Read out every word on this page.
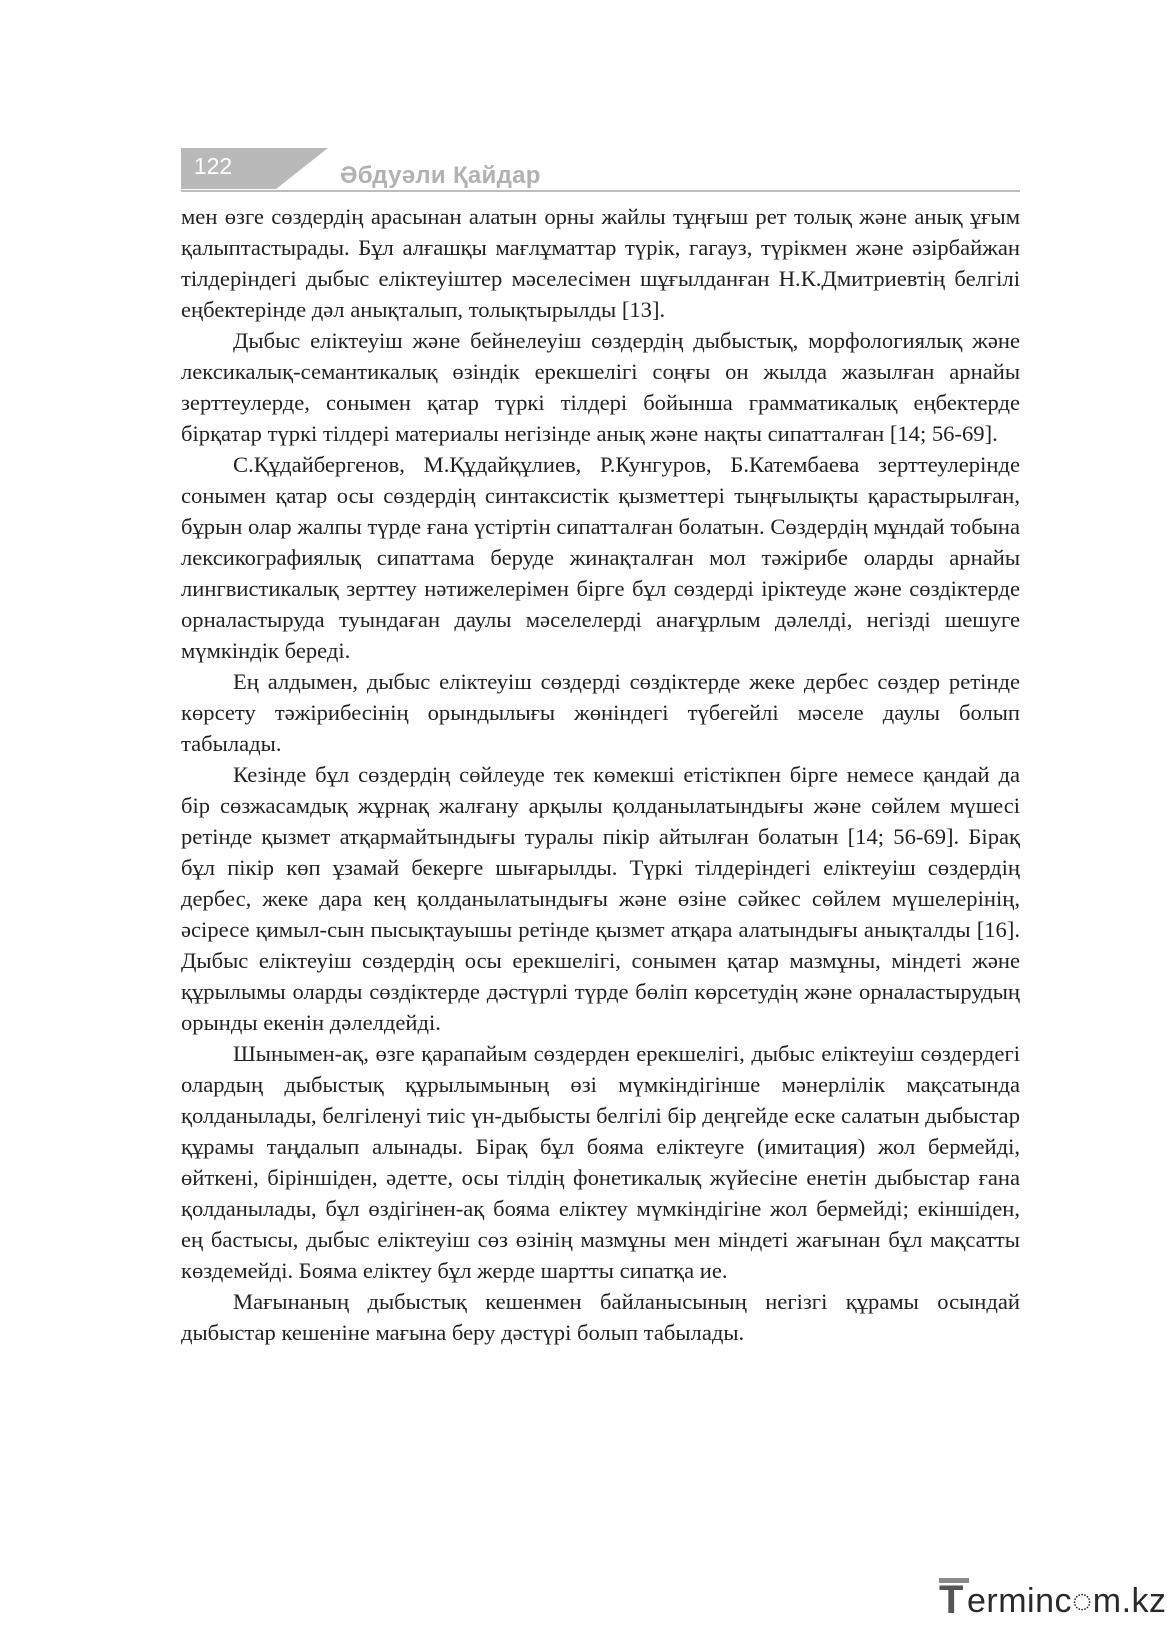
122	Әбдуәли Қайдар

мен өзге сөздердің арасынан алатын орны жайлы тұңғыш рет толық және анық ұғым қалыптастырады. Бұл алғашқы мағлұматтар түрік, гагауз, түрікмен және әзірбайжан тілдеріндегі дыбыс еліктеуіштер мәселесімен шұғылданған Н.К.Дмитриевтің белгілі еңбектерінде дәл анықталып, толықтырылды [13].

Дыбыс еліктеуіш және бейнелеуіш сөздердің дыбыстық, морфологиялық және лексикалық-семантикалық өзіндік ерекшелігі соңғы он жылда жазылған арнайы зерттеулерде, сонымен қатар түркі тілдері бойынша грамматикалық еңбектерде бірқатар түркі тілдері материалы негізінде анық және нақты сипатталған [14; 56-69].

С.Құдайбергенов, М.Құдайқұлиев, Р.Кунгуров, Б.Катембаева зерттеулерінде сонымен қатар осы сөздердің синтаксистік қызметтері тыңғылықты қарастырылған, бұрын олар жалпы түрде ғана үстіртін сипатталған болатын. Сөздердің мұндай тобына лексикографиялық сипаттама беруде жинақталған мол тәжірибе оларды арнайы лингвистикалық зерттеу нәтижелерімен бірге бұл сөздерді іріктеуде және сөздіктерде орналастыруда туындаған даулы мәселелерді анағұрлым дәлелді, негізді шешуге мүмкіндік береді.

Ең алдымен, дыбыс еліктеуіш сөздерді сөздіктерде жеке дербес сөздер ретінде көрсету тәжірибесінің орындылығы жөніндегі түбегейлі мәселе даулы болып табылады.

Кезінде бұл сөздердің сөйлеуде тек көмекші етістікпен бірге немесе қандай да бір сөзжасамдық жұрнақ жалғану арқылы қолданылатындығы және сөйлем мүшесі ретінде қызмет атқармайтындығы туралы пікір айтылған болатын [14; 56-69]. Бірақ бұл пікір көп ұзамай бекерге шығарылды. Түркі тілдеріндегі еліктеуіш сөздердің дербес, жеке дара кең қолданылатындығы және өзіне сәйкес сөйлем мүшелерінің, әсіресе қимыл-сын пысықтауышы ретінде қызмет атқара алатындығы анықталды [16]. Дыбыс еліктеуіш сөздердің осы ерекшелігі, сонымен қатар мазмұны, міндеті және құрылымы оларды сөздіктерде дәстүрлі түрде бөліп көрсетудің және орналастырудың орынды екенін дәлелдейді.

Шынымен-ақ, өзге қарапайым сөздерден ерекшелігі, дыбыс еліктеуіш сөздердегі олардың дыбыстық құрылымының өзі мүмкіндігінше мәнерлілік мақсатында қолданылады, белгіленуі тиіс үн-дыбысты белгілі бір деңгейде еске салатын дыбыстар құрамы таңдалып алынады. Бірақ бұл бояма еліктеуге (имитация) жол бермейді, өйткені, біріншіден, әдетте, осы тілдің фонетикалық жүйесіне енетін дыбыстар ғана қолданылады, бұл өздігінен-ақ бояма еліктеу мүмкіндігіне жол бермейді; екіншіден, ең бастысы, дыбыс еліктеуіш сөз өзінің мазмұны мен міндеті жағынан бұл мақсатты көздемейді. Бояма еліктеу бұл жерде шартты сипатқа ие.

Мағынаның дыбыстық кешенмен байланысының негізгі құрамы осындай дыбыстар кешеніне мағына беру дәстүрі болып табылады.

T erminc◌m.kz
